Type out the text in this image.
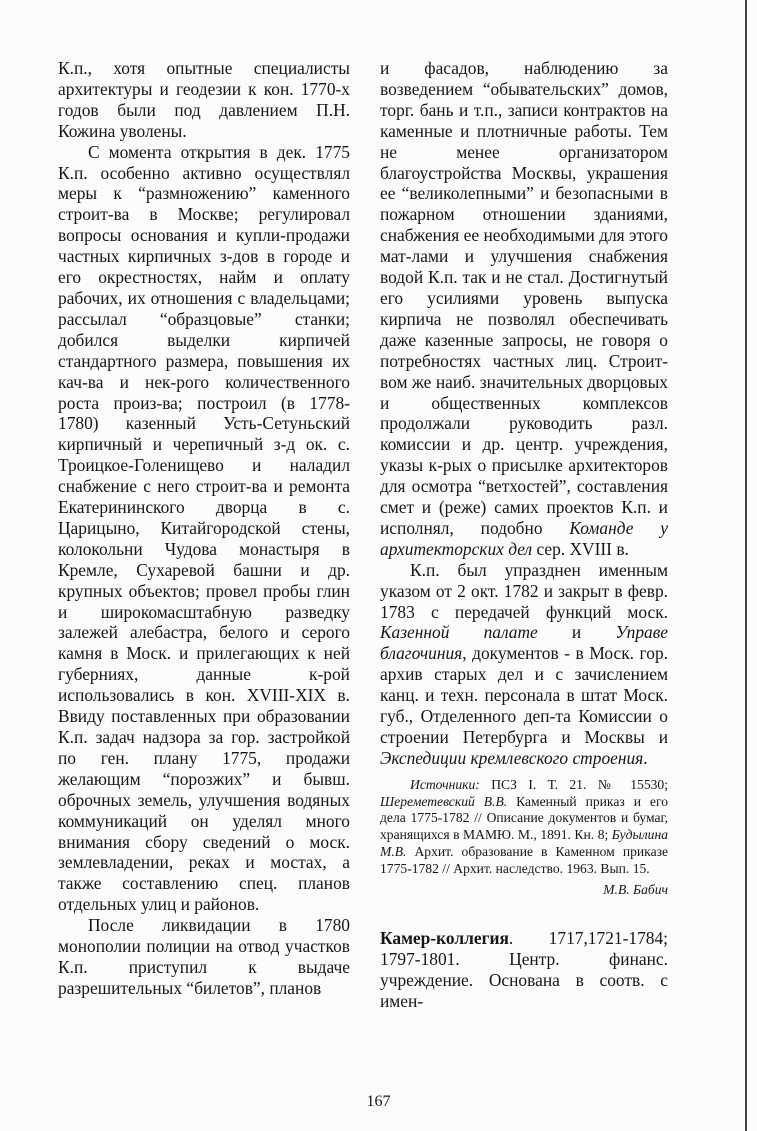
К.п., хотя опытные специалисты архитектуры и геодезии к кон. 1770-х годов были под давлением П.Н. Кожина уволены.

С момента открытия в дек. 1775 К.п. особенно активно осуществлял меры к “размножению” каменного строит-ва в Москве; регулировал вопросы основания и купли-продажи частных кирпичных з-дов в городе и его окрестностях, найм и оплату рабочих, их отношения с владельцами; рассылал “образцовые” станки; добился выделки кирпичей стандартного размера, повышения их кач-ва и нек-рого количественного роста произ-ва; построил (в 1778-1780) казенный Усть-Сетуньский кирпичный и черепичный з-д ок. с. Троицкое-Голенищево и наладил снабжение с него строит-ва и ремонта Екатерининского дворца в с. Царицыно, Китайгородской стены, колокольни Чудова монастыря в Кремле, Сухаревой башни и др. крупных объектов; провел пробы глин и широкомасштабную разведку залежей алебастра, белого и серого камня в Моск. и прилегающих к ней губерниях, данные к-рой использовались в кон. XVIII-XIX в. Ввиду поставленных при образовании К.п. задач надзора за гор. застройкой по ген. плану 1775, продажи желающим “порозжих” и бывш. оброчных земель, улучшения водяных коммуникаций он уделял много внимания сбору сведений о моск. землевладении, реках и мостах, а также составлению спец. планов отдельных улиц и районов.

После ликвидации в 1780 монополии полиции на отвод участков К.п. приступил к выдаче разрешительных “билетов”, планов

и фасадов, наблюдению за возведением “обывательских” домов, торг. бань и т.п., записи контрактов на каменные и плотничные работы. Тем не менее организатором благоустройства Москвы, украшения ее “великолепными” и безопасными в пожарном отношении зданиями, снабжения ее необходимыми для этого мат-лами и улучшения снабжения водой К.п. так и не стал. Достигнутый его усилиями уровень выпуска кирпича не позволял обеспечивать даже казенные запросы, не говоря о потребностях частных лиц. Строит-вом же наиб. значительных дворцовых и общественных комплексов продолжали руководить разл. комиссии и др. центр. учреждения, указы к-рых о присылке архитекторов для осмотра “ветхостей”, составления смет и (реже) самих проектов К.п. и исполнял, подобно Команде у архитекторских дел сер. XVIII в.

К.п. был упразднен именным указом от 2 окт. 1782 и закрыт в февр. 1783 с передачей функций моск. Казенной палате и Управе благочиния, документов - в Моск. гор. архив старых дел и с зачислением канц. и техн. персонала в штат Моск. губ., Отделенного деп-та Комиссии о строении Петербурга и Москвы и Экспедиции кремлевского строения.

Источники: ПСЗ I. Т. 21. № 15530; Шереметевский В.В. Каменный приказ и его дела 1775-1782 // Описание документов и бумаг, хранящихся в МАМЮ. М., 1891. Кн. 8; Будылина М.В. Архит. образование в Каменном приказе 1775-1782 // Архит. наследство. 1963. Вып. 15.

М.В. Бабич

Камер-коллегия. 1717,1721-1784; 1797-1801. Центр. финанс. учреждение. Основана в соотв. с имен-

167
